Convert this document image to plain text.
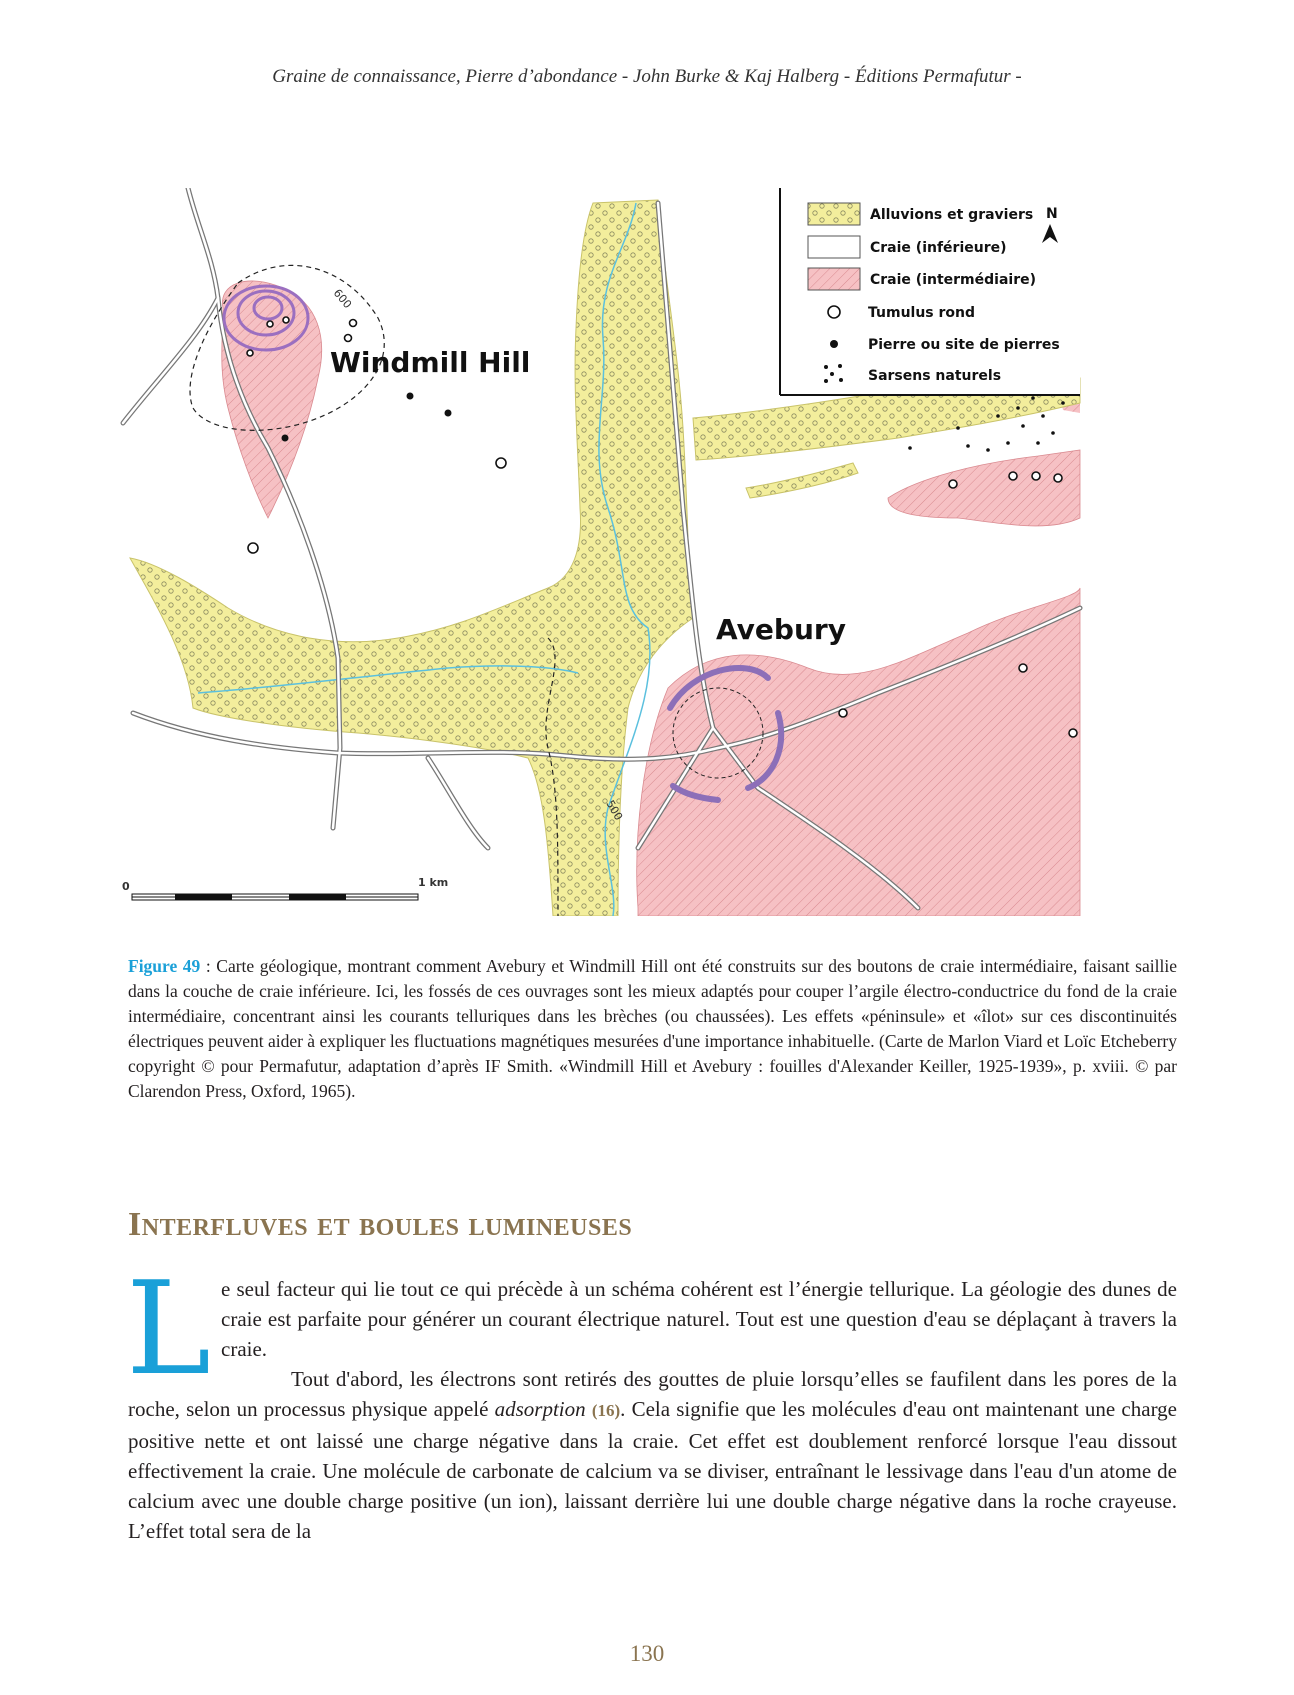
Graine de connaissance, Pierre d’abondance - John Burke & Kaj Halberg - Éditions Permafutur -
600
500
Windmill Hill
Avebury
Alluvions et graviers
Craie (inférieure)
Craie (intermédiaire)
Tumulus rond
Pierre ou site de pierres
Sarsens naturels
N
0	1 km
Figure 49 : Carte géologique, montrant comment Avebury et Windmill Hill ont été construits sur des boutons de craie intermédiaire, faisant saillie dans la couche de craie inférieure. Ici, les fossés de ces ouvrages sont les mieux adaptés pour couper l’argile électro-conductrice du fond de la craie intermédiaire, concentrant ainsi les courants telluriques dans les brèches (ou chaussées). Les effets «péninsule» et «îlot» sur ces discontinuités électriques peuvent aider à expliquer les fluctuations magnétiques mesurées d'une importance inhabituelle. (Carte de Marlon Viard et Loïc Etcheberry copyright © pour Permafutur, adaptation d’après IF Smith. «Windmill Hill et Avebury : fouilles d'Alexander Keiller, 1925-1939», p. xviii. © par Clarendon Press, Oxford, 1965).
Interfluves et boules lumineuses
L e seul facteur qui lie tout ce qui précède à un schéma cohérent est l’énergie tellurique. La géologie des dunes de craie est parfaite pour générer un courant électrique naturel. Tout est une question d'eau se déplaçant à travers la craie.
Tout d'abord, les électrons sont retirés des gouttes de pluie lorsqu’elles se faufilent dans les pores de la roche, selon un processus physique appelé adsorption (16). Cela signifie que les molécules d'eau ont maintenant une charge positive nette et ont laissé une charge négative dans la craie. Cet effet est doublement renforcé lorsque l'eau dissout effectivement la craie. Une molécule de carbonate de calcium va se diviser, entraînant le lessivage dans l'eau d'un atome de calcium avec une double charge positive (un ion), laissant derrière lui une double charge négative dans la roche crayeuse. L’effet total sera de la
130
